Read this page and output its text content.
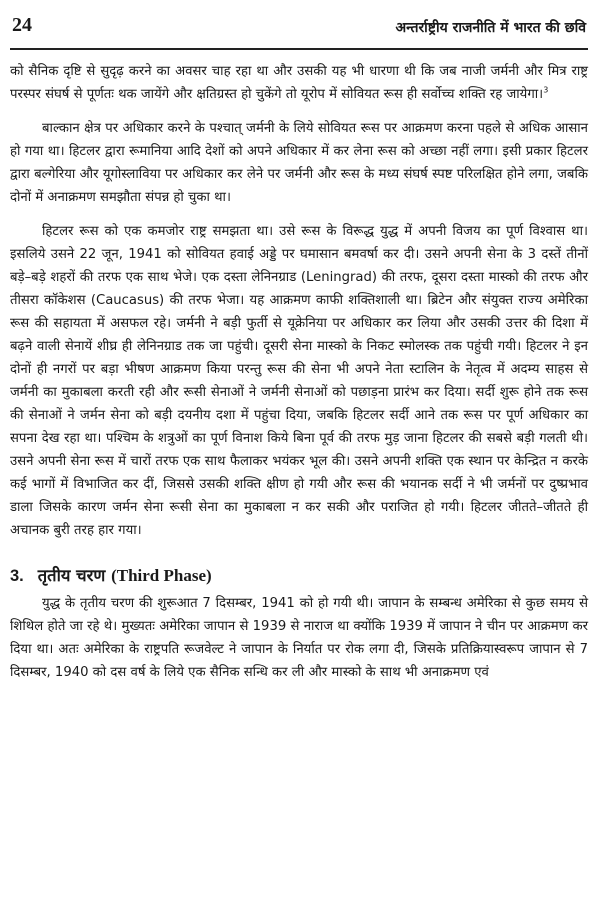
24	अन्तर्राष्ट्रीय राजनीति में भारत की छवि

को सैनिक दृष्टि से सुदृढ़ करने का अवसर चाह रहा था और उसकी यह भी धारणा थी कि जब नाजी जर्मनी और मित्र राष्ट्र परस्पर संघर्ष से पूर्णतः थक जायेंगे और क्षतिग्रस्त हो चुकेंगे तो यूरोप में सोवियत रूस ही सर्वोच्च शक्ति रह जायेगा।$^3$

बाल्कान क्षेत्र पर अधिकार करने के पश्चात् जर्मनी के लिये सोवियत रूस पर आक्रमण करना पहले से अधिक आसान हो गया था। हिटलर द्वारा रूमानिया आदि देशों को अपने अधिकार में कर लेना रूस को अच्छा नहीं लगा। इसी प्रकार हिटलर द्वारा बल्गेरिया और यूगोस्लाविया पर अधिकार कर लेने पर जर्मनी और रूस के मध्य संघर्ष स्पष्ट परिलक्षित होने लगा, जबकि दोनों में अनाक्रमण समझौता संपन्न हो चुका था।

हिटलर रूस को एक कमजोर राष्ट्र समझता था। उसे रूस के विरूद्ध युद्ध में अपनी विजय का पूर्ण विश्वास था। इसलिये उसने 22 जून, 1941 को सोवियत हवाई अड्डे पर घमासान बमवर्षा कर दी। उसने अपनी सेना के 3 दस्तें तीनों बड़े–बड़े शहरों की तरफ एक साथ भेजे। एक दस्ता लेनिनग्राड (Leningrad) की तरफ, दूसरा दस्ता मास्को की तरफ और तीसरा कॉकेशस (Caucasus) की तरफ भेजा। यह आक्रमण काफी शक्तिशाली था। ब्रिटेन और संयुक्त राज्य अमेरिका रूस की सहायता में असफल रहे। जर्मनी ने बड़ी फुर्ती से यूक्रेनिया पर अधिकार कर लिया और उसकी उत्तर की दिशा में बढ़ने वाली सेनायें शीघ्र ही लेनिनग्राड तक जा पहुंची। दूसरी सेना मास्को के निकट स्मोलस्क तक पहुंची गयी। हिटलर ने इन दोनों ही नगरों पर बड़ा भीषण आक्रमण किया परन्तु रूस की सेना भी अपने नेता स्टालिन के नेतृत्व में अदम्य साहस से जर्मनी का मुकाबला करती रही और रूसी सेनाओं ने जर्मनी सेनाओं को पछाड़ना प्रारंभ कर दिया। सर्दी शुरू होने तक रूस की सेनाओं ने जर्मन सेना को बड़ी दयनीय दशा में पहुंचा दिया, जबकि हिटलर सर्दी आने तक रूस पर पूर्ण अधिकार का सपना देख रहा था। पश्चिम के शत्रुओं का पूर्ण विनाश किये बिना पूर्व की तरफ मुड़ जाना हिटलर की सबसे बड़ी गलती थी। उसने अपनी सेना रूस में चारों तरफ एक साथ फैलाकर भयंकर भूल की। उसने अपनी शक्ति एक स्थान पर केन्द्रित न करके कई भागों में विभाजित कर दीं, जिससे उसकी शक्ति क्षीण हो गयी और रूस की भयानक सर्दी ने भी जर्मनों पर दुष्प्रभाव डाला जिसके कारण जर्मन सेना रूसी सेना का मुकाबला न कर सकी और पराजित हो गयी। हिटलर जीतते–जीतते ही अचानक बुरी तरह हार गया।

3. तृतीय चरण (Third Phase)

युद्ध के तृतीय चरण की शुरूआत 7 दिसम्बर, 1941 को हो गयी थी। जापान के सम्बन्ध अमेरिका से कुछ समय से शिथिल होते जा रहे थे। मुख्यतः अमेरिका जापान से 1939 से नाराज था क्योंकि 1939 में जापान ने चीन पर आक्रमण कर दिया था। अतः अमेरिका के राष्ट्रपति रूजवेल्ट ने जापान के निर्यात पर रोक लगा दी, जिसके प्रतिक्रियास्वरूप जापान से 7 दिसम्बर, 1940 को दस वर्ष के लिये एक सैनिक सन्धि कर ली और मास्को के साथ भी अनाक्रमण एवं
